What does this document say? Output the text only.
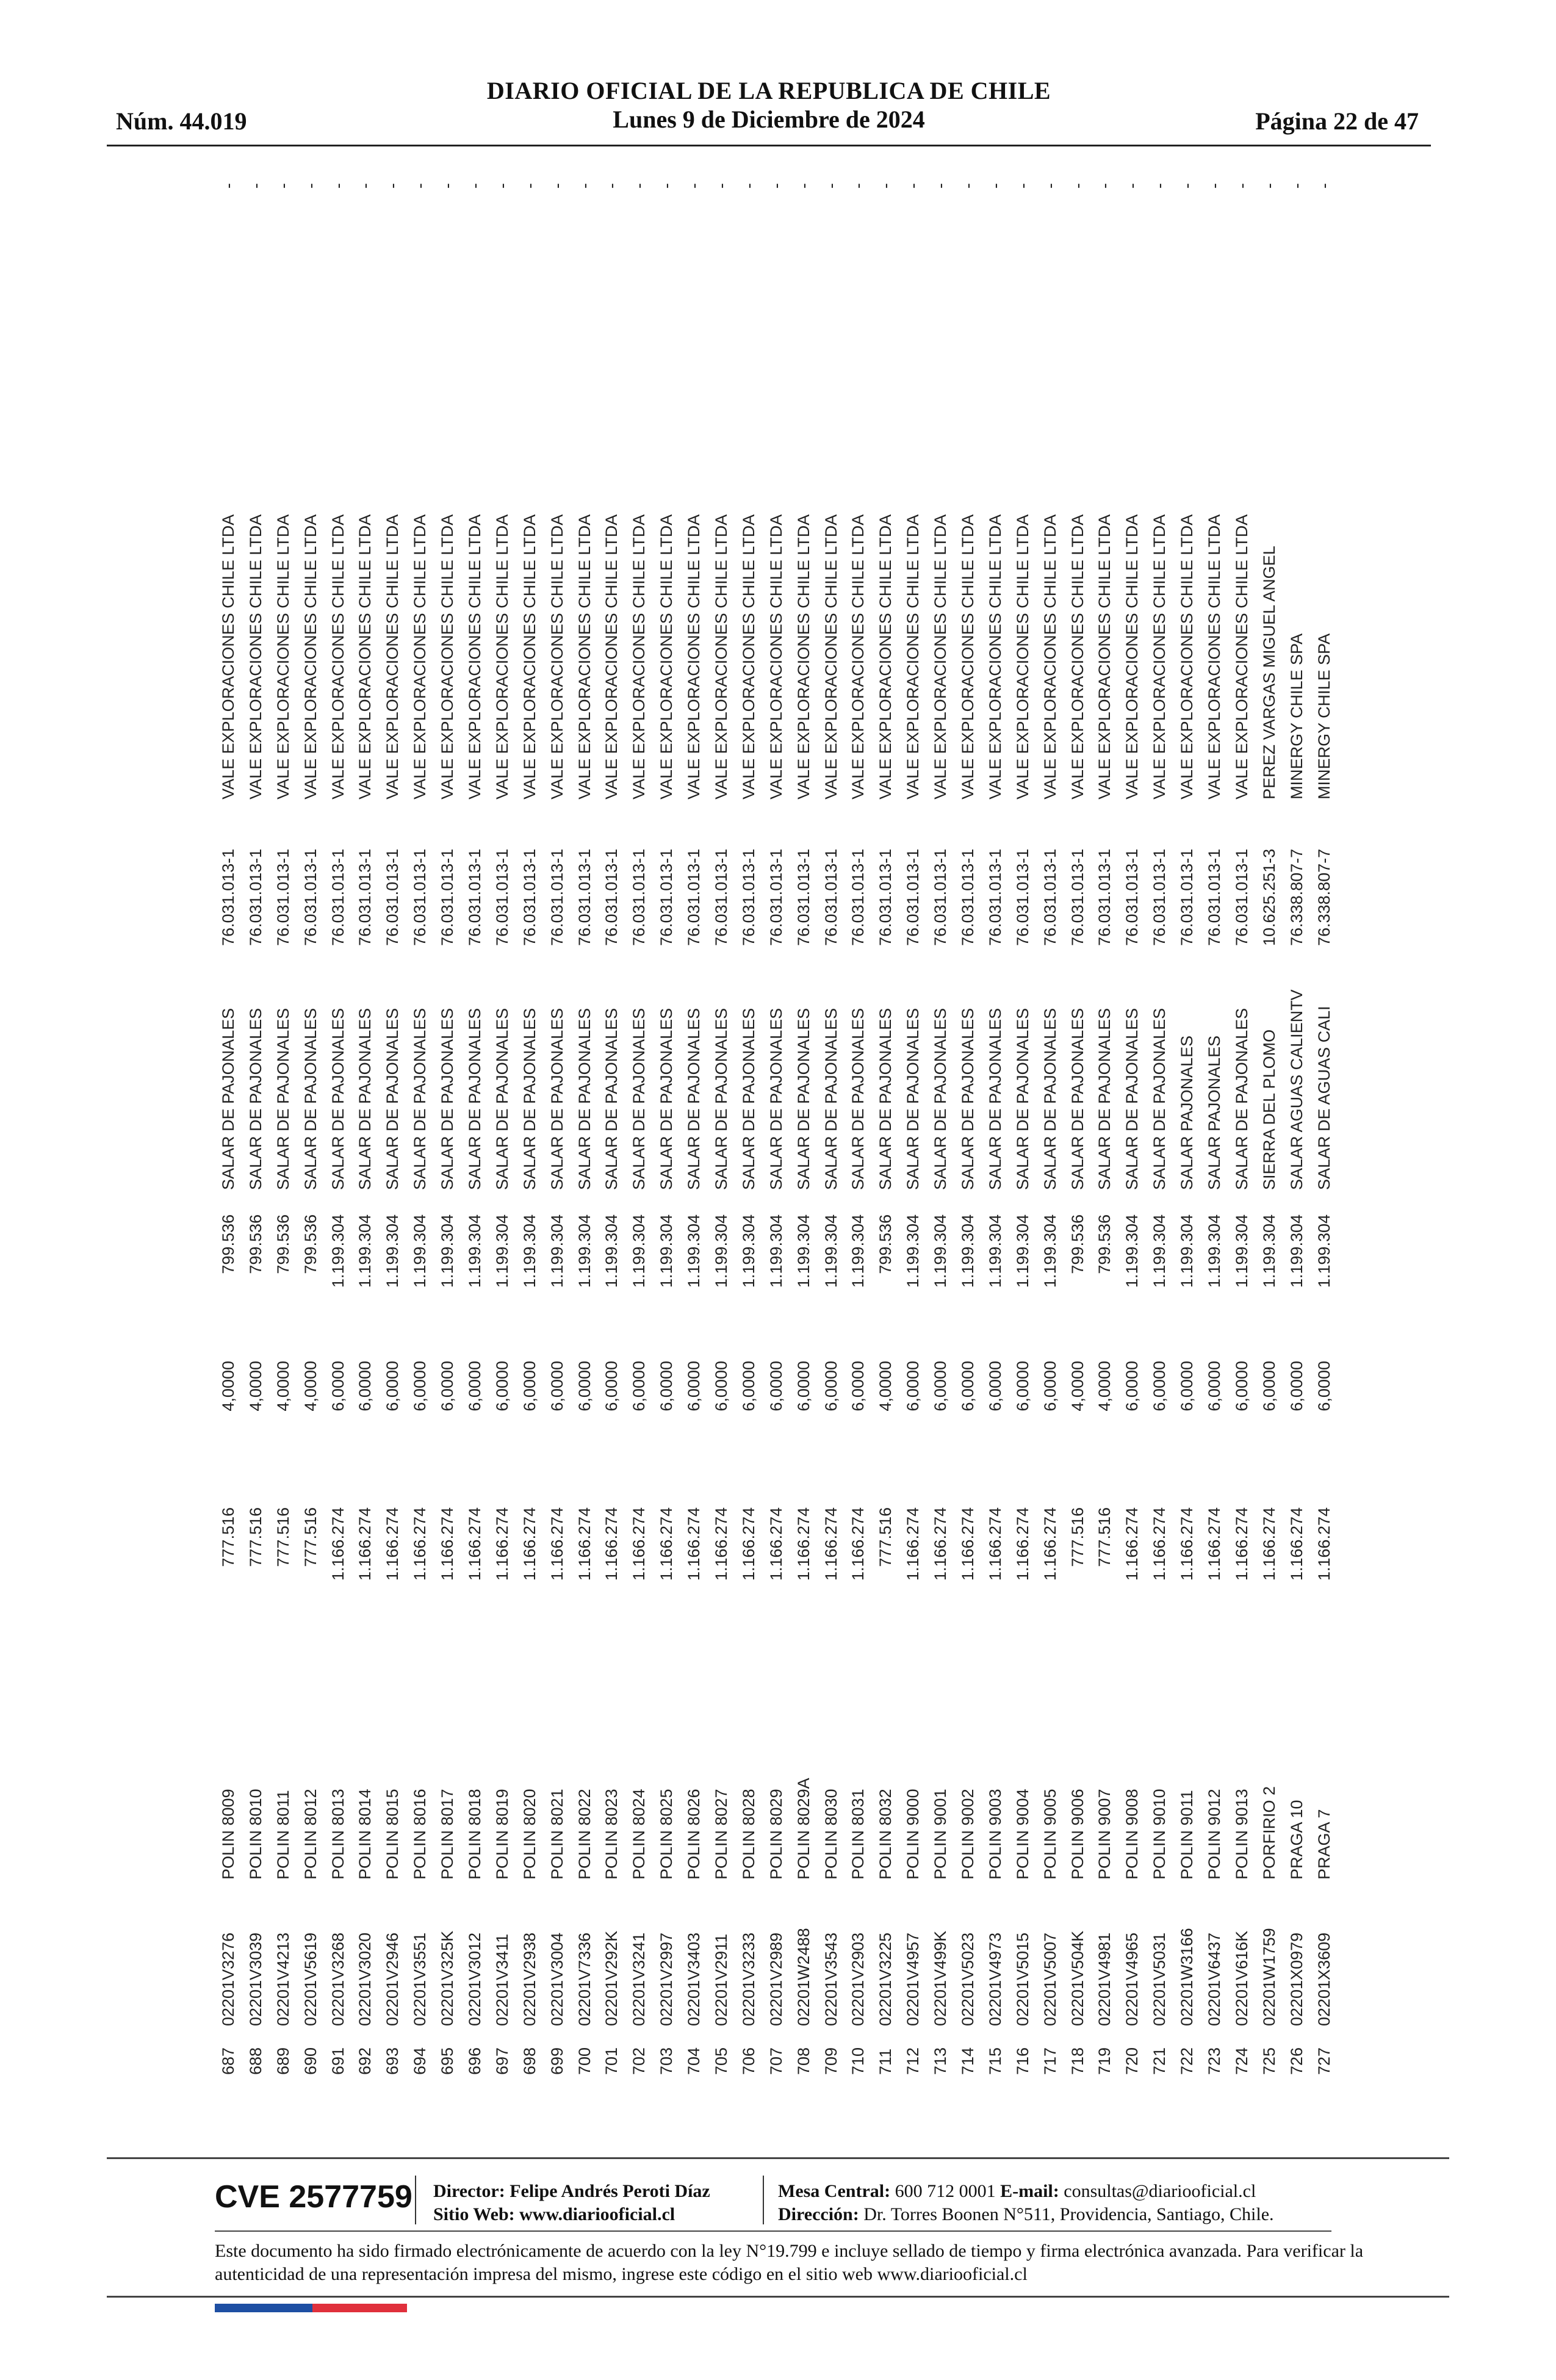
Núm. 44.019
DIARIO OFICIAL DE LA REPUBLICA DE CHILE
Lunes 9 de Diciembre de 2024	Página 22 de 47
687	02201V3276	POLIN 8009	777.516	4,0000	799.536	SALAR DE PAJONALES	76.031.013-1	VALE EXPLORACIONES CHILE LTDA	-
688	02201V3039	POLIN 8010	777.516	4,0000	799.536	SALAR DE PAJONALES	76.031.013-1	VALE EXPLORACIONES CHILE LTDA	-
689	02201V4213	POLIN 8011	777.516	4,0000	799.536	SALAR DE PAJONALES	76.031.013-1	VALE EXPLORACIONES CHILE LTDA	-
690	02201V5619	POLIN 8012	777.516	4,0000	799.536	SALAR DE PAJONALES	76.031.013-1	VALE EXPLORACIONES CHILE LTDA	-
691	02201V3268	POLIN 8013	1.166.274	6,0000	1.199.304	SALAR DE PAJONALES	76.031.013-1	VALE EXPLORACIONES CHILE LTDA	-
692	02201V3020	POLIN 8014	1.166.274	6,0000	1.199.304	SALAR DE PAJONALES	76.031.013-1	VALE EXPLORACIONES CHILE LTDA	-
693	02201V2946	POLIN 8015	1.166.274	6,0000	1.199.304	SALAR DE PAJONALES	76.031.013-1	VALE EXPLORACIONES CHILE LTDA	-
694	02201V3551	POLIN 8016	1.166.274	6,0000	1.199.304	SALAR DE PAJONALES	76.031.013-1	VALE EXPLORACIONES CHILE LTDA	-
695	02201V325K	POLIN 8017	1.166.274	6,0000	1.199.304	SALAR DE PAJONALES	76.031.013-1	VALE EXPLORACIONES CHILE LTDA	-
696	02201V3012	POLIN 8018	1.166.274	6,0000	1.199.304	SALAR DE PAJONALES	76.031.013-1	VALE EXPLORACIONES CHILE LTDA	-
697	02201V3411	POLIN 8019	1.166.274	6,0000	1.199.304	SALAR DE PAJONALES	76.031.013-1	VALE EXPLORACIONES CHILE LTDA	-
698	02201V2938	POLIN 8020	1.166.274	6,0000	1.199.304	SALAR DE PAJONALES	76.031.013-1	VALE EXPLORACIONES CHILE LTDA	-
699	02201V3004	POLIN 8021	1.166.274	6,0000	1.199.304	SALAR DE PAJONALES	76.031.013-1	VALE EXPLORACIONES CHILE LTDA	-
700	02201V7336	POLIN 8022	1.166.274	6,0000	1.199.304	SALAR DE PAJONALES	76.031.013-1	VALE EXPLORACIONES CHILE LTDA	-
701	02201V292K	POLIN 8023	1.166.274	6,0000	1.199.304	SALAR DE PAJONALES	76.031.013-1	VALE EXPLORACIONES CHILE LTDA	-
702	02201V3241	POLIN 8024	1.166.274	6,0000	1.199.304	SALAR DE PAJONALES	76.031.013-1	VALE EXPLORACIONES CHILE LTDA	-
703	02201V2997	POLIN 8025	1.166.274	6,0000	1.199.304	SALAR DE PAJONALES	76.031.013-1	VALE EXPLORACIONES CHILE LTDA	-
704	02201V3403	POLIN 8026	1.166.274	6,0000	1.199.304	SALAR DE PAJONALES	76.031.013-1	VALE EXPLORACIONES CHILE LTDA	-
705	02201V2911	POLIN 8027	1.166.274	6,0000	1.199.304	SALAR DE PAJONALES	76.031.013-1	VALE EXPLORACIONES CHILE LTDA	-
706	02201V3233	POLIN 8028	1.166.274	6,0000	1.199.304	SALAR DE PAJONALES	76.031.013-1	VALE EXPLORACIONES CHILE LTDA	-
707	02201V2989	POLIN 8029	1.166.274	6,0000	1.199.304	SALAR DE PAJONALES	76.031.013-1	VALE EXPLORACIONES CHILE LTDA	-
708	02201W2488	POLIN 8029A	1.166.274	6,0000	1.199.304	SALAR DE PAJONALES	76.031.013-1	VALE EXPLORACIONES CHILE LTDA	-
709	02201V3543	POLIN 8030	1.166.274	6,0000	1.199.304	SALAR DE PAJONALES	76.031.013-1	VALE EXPLORACIONES CHILE LTDA	-
710	02201V2903	POLIN 8031	1.166.274	6,0000	1.199.304	SALAR DE PAJONALES	76.031.013-1	VALE EXPLORACIONES CHILE LTDA	-
711	02201V3225	POLIN 8032	777.516	4,0000	799.536	SALAR DE PAJONALES	76.031.013-1	VALE EXPLORACIONES CHILE LTDA	-
712	02201V4957	POLIN 9000	1.166.274	6,0000	1.199.304	SALAR DE PAJONALES	76.031.013-1	VALE EXPLORACIONES CHILE LTDA	-
713	02201V499K	POLIN 9001	1.166.274	6,0000	1.199.304	SALAR DE PAJONALES	76.031.013-1	VALE EXPLORACIONES CHILE LTDA	-
714	02201V5023	POLIN 9002	1.166.274	6,0000	1.199.304	SALAR DE PAJONALES	76.031.013-1	VALE EXPLORACIONES CHILE LTDA	-
715	02201V4973	POLIN 9003	1.166.274	6,0000	1.199.304	SALAR DE PAJONALES	76.031.013-1	VALE EXPLORACIONES CHILE LTDA	-
716	02201V5015	POLIN 9004	1.166.274	6,0000	1.199.304	SALAR DE PAJONALES	76.031.013-1	VALE EXPLORACIONES CHILE LTDA	-
717	02201V5007	POLIN 9005	1.166.274	6,0000	1.199.304	SALAR DE PAJONALES	76.031.013-1	VALE EXPLORACIONES CHILE LTDA	-
718	02201V504K	POLIN 9006	777.516	4,0000	799.536	SALAR DE PAJONALES	76.031.013-1	VALE EXPLORACIONES CHILE LTDA	-
719	02201V4981	POLIN 9007	777.516	4,0000	799.536	SALAR DE PAJONALES	76.031.013-1	VALE EXPLORACIONES CHILE LTDA	-
720	02201V4965	POLIN 9008	1.166.274	6,0000	1.199.304	SALAR DE PAJONALES	76.031.013-1	VALE EXPLORACIONES CHILE LTDA	-
721	02201V5031	POLIN 9010	1.166.274	6,0000	1.199.304	SALAR DE PAJONALES	76.031.013-1	VALE EXPLORACIONES CHILE LTDA	-
722	02201W3166	POLIN 9011	1.166.274	6,0000	1.199.304	SALAR PAJONALES	76.031.013-1	VALE EXPLORACIONES CHILE LTDA	-
723	02201V6437	POLIN 9012	1.166.274	6,0000	1.199.304	SALAR PAJONALES	76.031.013-1	VALE EXPLORACIONES CHILE LTDA	-
724	02201V616K	POLIN 9013	1.166.274	6,0000	1.199.304	SALAR DE PAJONALES	76.031.013-1	VALE EXPLORACIONES CHILE LTDA	-
725	02201W1759	PORFIRIO 2	1.166.274	6,0000	1.199.304	SIERRA DEL PLOMO	10.625.251-3	PEREZ VARGAS MIGUEL ANGEL	-
726	02201X0979	PRAGA 10	1.166.274	6,0000	1.199.304	SALAR AGUAS CALIENTV	76.338.807-7	MINERGY CHILE SPA	-
727	02201X3609	PRAGA 7	1.166.274	6,0000	1.199.304	SALAR DE AGUAS CALI	76.338.807-7	MINERGY CHILE SPA	-
CVE 2577759 Director: Felipe Andrés Peroti Díaz
Sitio Web: www.diariooficial.cl
Mesa Central: 600 712 0001 E-mail: consultas@diariooficial.cl
Dirección: Dr. Torres Boonen N°511, Providencia, Santiago, Chile.
Este documento ha sido firmado electrónicamente de acuerdo con la ley N°19.799 e incluye sellado de tiempo y firma electrónica avanzada. Para verificar la autenticidad de una representación impresa del mismo, ingrese este código en el sitio web www.diariooficial.cl
